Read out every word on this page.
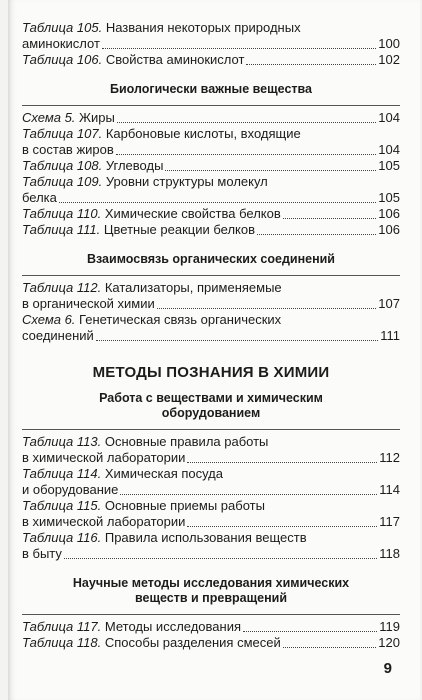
Таблица 105. Названия некоторых природных
аминокислот	100
Таблица 106. Свойства аминокислот	102
Биологически важные вещества
Схема 5. Жиры	104
Таблица 107. Карбоновые кислоты, входящие
в состав жиров	104
Таблица 108. Углеводы	105
Таблица 109. Уровни структуры молекул
белка	105
Таблица 110. Химические свойства белков	106
Таблица 111. Цветные реакции белков	106
Взаимосвязь органических соединений
Таблица 112. Катализаторы, применяемые
в органической химии	107
Схема 6. Генетическая связь органических
соединений	111
МЕТОДЫ ПОЗНАНИЯ В ХИМИИ
Работа с веществами и химическим
оборудованием
Таблица 113. Основные правила работы
в химической лаборатории	112
Таблица 114. Химическая посуда
и оборудование	114
Таблица 115. Основные приемы работы
в химической лаборатории	117
Таблица 116. Правила использования веществ
в быту	118
Научные методы исследования химических
веществ и превращений
Таблица 117. Методы исследования	119
Таблица 118. Способы разделения смесей	120
9
